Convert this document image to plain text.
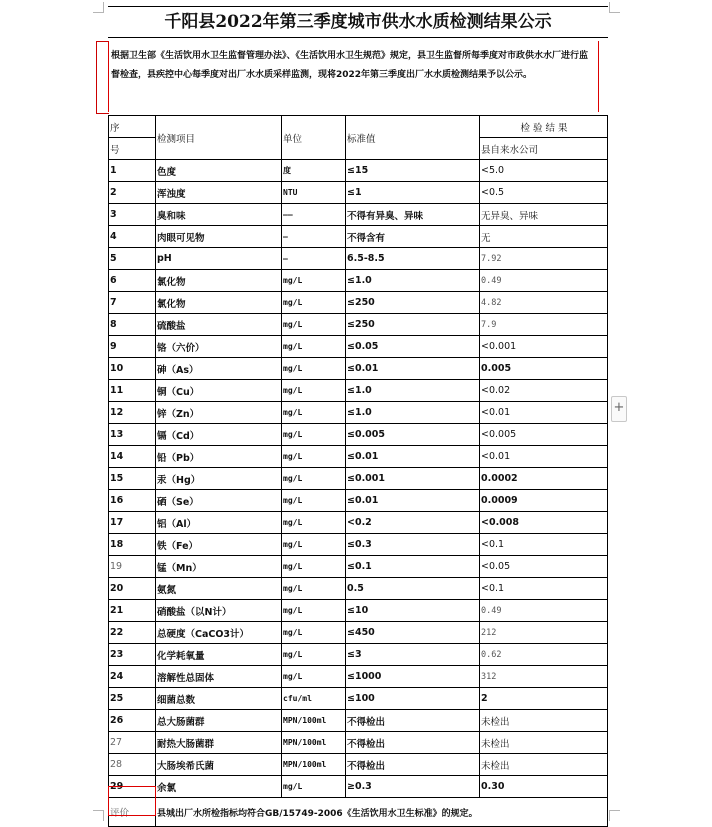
千阳县2022年第三季度城市供水水质检测结果公示
根据卫生部《生活饮用水卫生监督管理办法》、《生活饮用水卫生规范》规定，县卫生监督所每季度对市政供水水厂进行监督检查，县疾控中心每季度对出厂水水质采样监测，现将2022年第三季度出厂水水质检测结果予以公示。
序	检测项目	单位	标准值	检 验 结 果
号				县自来水公司
1	色度	度	≤15	<5.0
2	浑浊度	NTU	≤1	<0.5
3	臭和味	——	不得有异臭、异味	无异臭、异味
4	肉眼可见物	—	不得含有	无
5	pH	—	6.5-8.5	7.92
6	氯化物	mg/L	≤1.0	0.49
7	氯化物	mg/L	≤250	4.82
8	硫酸盐	mg/L	≤250	7.9
9	铬（六价）	mg/L	≤0.05	<0.001
10	砷（As）	mg/L	≤0.01	0.005
11	铜（Cu）	mg/L	≤1.0	<0.02
12	锌（Zn）	mg/L	≤1.0	<0.01
13	镉（Cd）	mg/L	≤0.005	<0.005
14	铅（Pb）	mg/L	≤0.01	<0.01
15	汞（Hg）	mg/L	≤0.001	0.0002
16	硒（Se）	mg/L	≤0.01	0.0009
17	铝（Al）	mg/L	<0.2	<0.008
18	铁（Fe）	mg/L	≤0.3	<0.1
19	锰（Mn）	mg/L	≤0.1	<0.05
20	氨氮	mg/L	0.5	<0.1
21	硝酸盐（以N计）	mg/L	≤10	0.49
22	总硬度（CaCO3计）	mg/L	≤450	212
23	化学耗氧量	mg/L	≤3	0.62
24	溶解性总固体	mg/L	≤1000	312
25	细菌总数	cfu/ml	≤100	2
26	总大肠菌群	MPN/100ml	不得检出	未检出
27	耐热大肠菌群	MPN/100ml	不得检出	未检出
28	大肠埃希氏菌	MPN/100ml	不得检出	未检出
29	余氯	mg/L	≥0.3	0.30
评价	县城出厂水所检指标均符合GB/15749-2006《生活饮用水卫生标准》的规定。			
+
